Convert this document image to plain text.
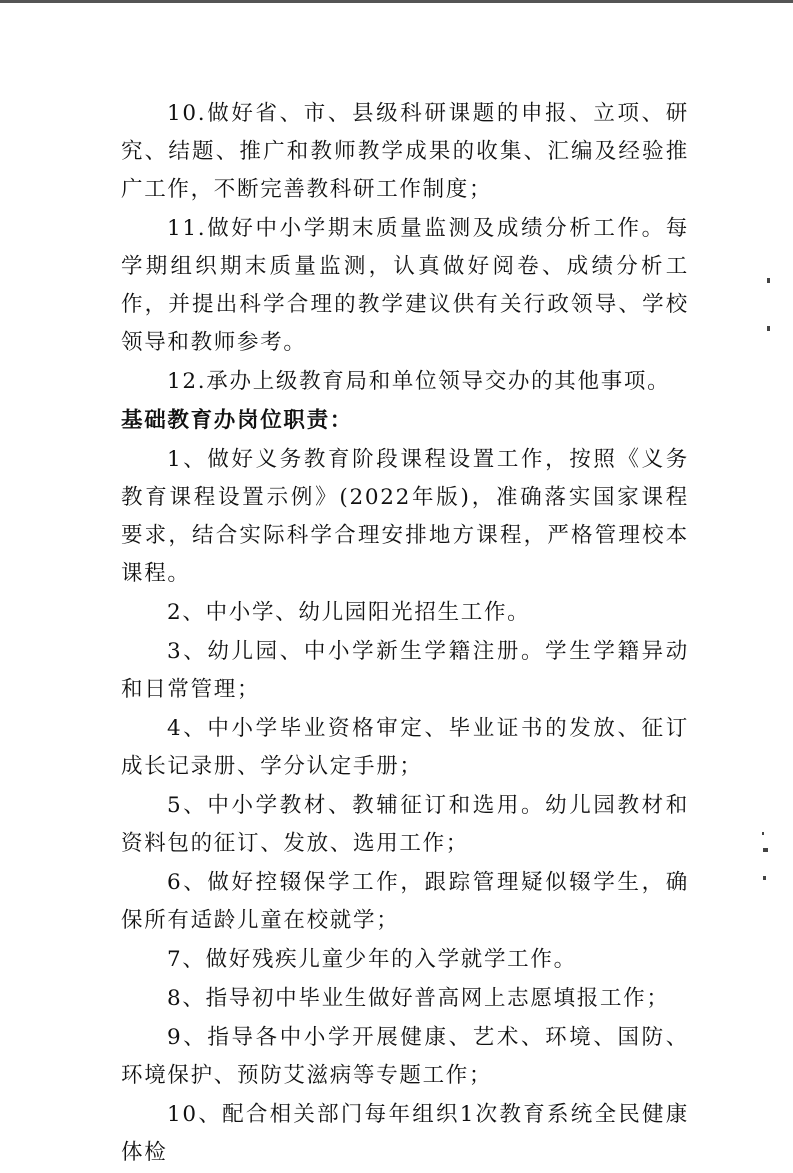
10.做好省、市、县级科研课题的申报、立项、研究、结题、推广和教师教学成果的收集、汇编及经验推广工作，不断完善教科研工作制度；

11.做好中小学期末质量监测及成绩分析工作。每学期组织期末质量监测，认真做好阅卷、成绩分析工作，并提出科学合理的教学建议供有关行政领导、学校领导和教师参考。

12.承办上级教育局和单位领导交办的其他事项。

基础教育办岗位职责：

1、做好义务教育阶段课程设置工作，按照《义务教育课程设置示例》(2022年版)，准确落实国家课程要求，结合实际科学合理安排地方课程，严格管理校本课程。

2、中小学、幼儿园阳光招生工作。

3、幼儿园、中小学新生学籍注册。学生学籍异动和日常管理；

4、中小学毕业资格审定、毕业证书的发放、征订成长记录册、学分认定手册；

5、中小学教材、教辅征订和选用。幼儿园教材和资料包的征订、发放、选用工作；

6、做好控辍保学工作，跟踪管理疑似辍学生，确保所有适龄儿童在校就学；

7、做好残疾儿童少年的入学就学工作。

8、指导初中毕业生做好普高网上志愿填报工作；

9、指导各中小学开展健康、艺术、环境、国防、环境保护、预防艾滋病等专题工作；

10、配合相关部门每年组织1次教育系统全民健康体检
